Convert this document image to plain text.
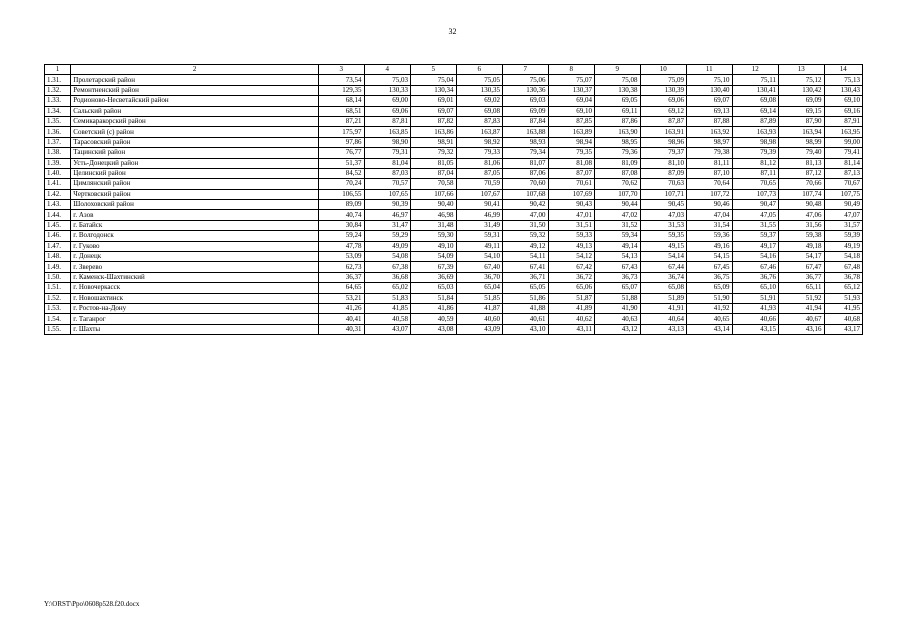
32
1	2	3	4	5	6	7	8	9	10	11	12	13	14
1.31.	Пролетарский район	73,54	75,03	75,04	75,05	75,06	75,07	75,08	75,09	75,10	75,11	75,12	75,13
1.32.	Ремонтненский район	129,35	130,33	130,34	130,35	130,36	130,37	130,38	130,39	130,40	130,41	130,42	130,43
1.33.	Родионово-Несветайский район	68,14	69,00	69,01	69,02	69,03	69,04	69,05	69,06	69,07	69,08	69,09	69,10
1.34.	Сальский район	68,51	69,06	69,07	69,08	69,09	69,10	69,11	69,12	69,13	69,14	69,15	69,16
1.35.	Семикаракорский район	87,21	87,81	87,82	87,83	87,84	87,85	87,86	87,87	87,88	87,89	87,90	87,91
1.36.	Советский (с) район	175,97	163,85	163,86	163,87	163,88	163,89	163,90	163,91	163,92	163,93	163,94	163,95
1.37.	Тарасовский район	97,86	98,90	98,91	98,92	98,93	98,94	98,95	98,96	98,97	98,98	98,99	99,00
1.38.	Тацинский район	76,77	79,31	79,32	79,33	79,34	79,35	79,36	79,37	79,38	79,39	79,40	79,41
1.39.	Усть-Донецкий район	51,37	81,04	81,05	81,06	81,07	81,08	81,09	81,10	81,11	81,12	81,13	81,14
1.40.	Целинский район	84,52	87,03	87,04	87,05	87,06	87,07	87,08	87,09	87,10	87,11	87,12	87,13
1.41.	Цимлянский район	70,24	70,57	70,58	70,59	70,60	70,61	70,62	70,63	70,64	70,65	70,66	70,67
1.42.	Чертковский район	106,55	107,65	107,66	107,67	107,68	107,69	107,70	107,71	107,72	107,73	107,74	107,75
1.43.	Шолоховский район	89,09	90,39	90,40	90,41	90,42	90,43	90,44	90,45	90,46	90,47	90,48	90,49
1.44.	г. Азов	40,74	46,97	46,98	46,99	47,00	47,01	47,02	47,03	47,04	47,05	47,06	47,07
1.45.	г. Батайск	30,84	31,47	31,48	31,49	31,50	31,51	31,52	31,53	31,54	31,55	31,56	31,57
1.46.	г. Волгодонск	59,24	59,29	59,30	59,31	59,32	59,33	59,34	59,35	59,36	59,37	59,38	59,39
1.47.	г. Гуково	47,78	49,09	49,10	49,11	49,12	49,13	49,14	49,15	49,16	49,17	49,18	49,19
1.48.	г. Донецк	53,09	54,08	54,09	54,10	54,11	54,12	54,13	54,14	54,15	54,16	54,17	54,18
1.49.	г. Зверево	62,73	67,38	67,39	67,40	67,41	67,42	67,43	67,44	67,45	67,46	67,47	67,48
1.50.	г. Каменск-Шахтинский	36,37	36,68	36,69	36,70	36,71	36,72	36,73	36,74	36,75	36,76	36,77	36,78
1.51.	г. Новочеркасск	64,65	65,02	65,03	65,04	65,05	65,06	65,07	65,08	65,09	65,10	65,11	65,12
1.52.	г. Новошахтинск	53,21	51,83	51,84	51,85	51,86	51,87	51,88	51,89	51,90	51,91	51,92	51,93
1.53.	г. Ростов-на-Дону	41,26	41,85	41,86	41,87	41,88	41,89	41,90	41,91	41,92	41,93	41,94	41,95
1.54.	г. Таганрог	40,41	40,58	40,59	40,60	40,61	40,62	40,63	40,64	40,65	40,66	40,67	40,68
1.55.	г. Шахты	40,31	43,07	43,08	43,09	43,10	43,11	43,12	43,13	43,14	43,15	43,16	43,17
Y:\ORST\Ppo\0608p528.f20.docx
